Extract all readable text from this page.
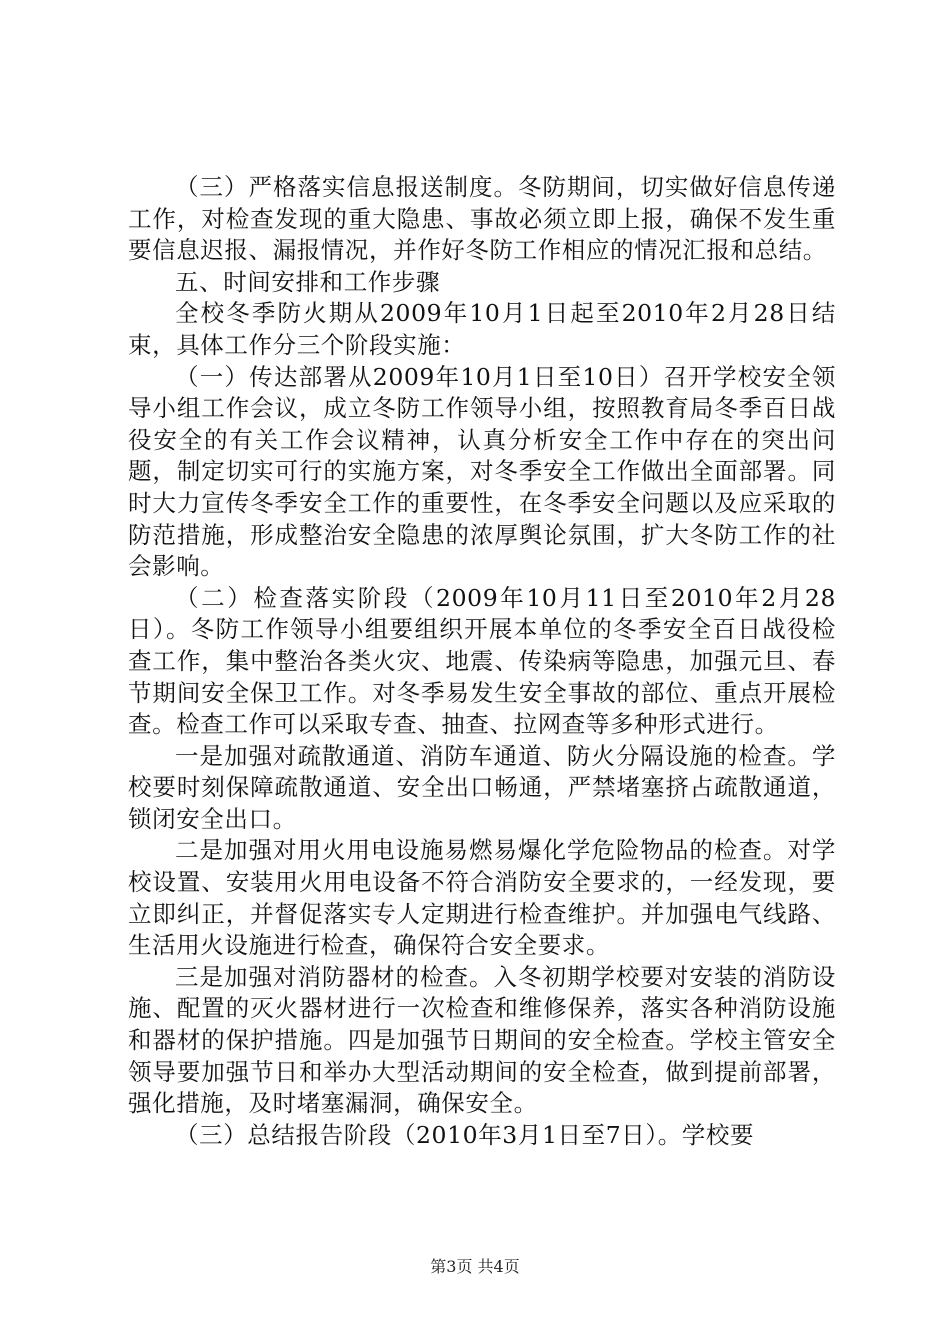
（三）严格落实信息报送制度。冬防期间，切实做好信息传递工作，对检查发现的重大隐患、事故必须立即上报，确保不发生重要信息迟报、漏报情况，并作好冬防工作相应的情况汇报和总结。

五、时间安排和工作步骤

全校冬季防火期从2009年10月1日起至2010年2月28日结束，具体工作分三个阶段实施：

（一）传达部署从2009年10月1日至10日）召开学校安全领导小组工作会议，成立冬防工作领导小组，按照教育局冬季百日战役安全的有关工作会议精神，认真分析安全工作中存在的突出问题，制定切实可行的实施方案，对冬季安全工作做出全面部署。同时大力宣传冬季安全工作的重要性，在冬季安全问题以及应采取的防范措施，形成整治安全隐患的浓厚舆论氛围，扩大冬防工作的社会影响。

（二）检查落实阶段（2009年10月11日至2010年2月28日）。冬防工作领导小组要组织开展本单位的冬季安全百日战役检查工作，集中整治各类火灾、地震、传染病等隐患，加强元旦、春节期间安全保卫工作。对冬季易发生安全事故的部位、重点开展检查。检查工作可以采取专查、抽查、拉网查等多种形式进行。

一是加强对疏散通道、消防车通道、防火分隔设施的检查。学校要时刻保障疏散通道、安全出口畅通，严禁堵塞挤占疏散通道，锁闭安全出口。

二是加强对用火用电设施易燃易爆化学危险物品的检查。对学校设置、安装用火用电设备不符合消防安全要求的，一经发现，要立即纠正，并督促落实专人定期进行检查维护。并加强电气线路、生活用火设施进行检查，确保符合安全要求。

三是加强对消防器材的检查。入冬初期学校要对安装的消防设施、配置的灭火器材进行一次检查和维修保养，落实各种消防设施和器材的保护措施。四是加强节日期间的安全检查。学校主管安全领导要加强节日和举办大型活动期间的安全检查，做到提前部署，强化措施，及时堵塞漏洞，确保安全。

（三）总结报告阶段（2010年3月1日至7日）。学校要

第3页 共4页
